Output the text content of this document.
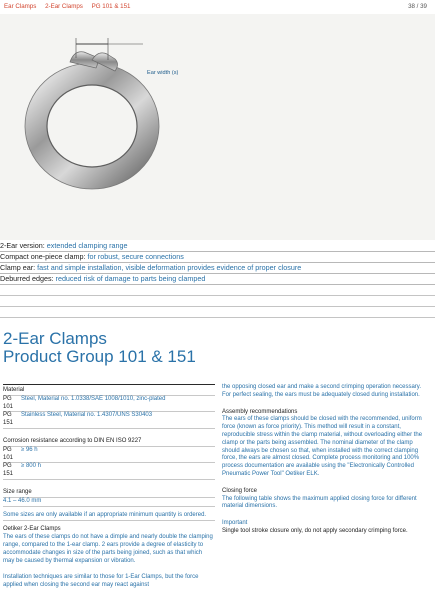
Ear Clamps 2-Ear Clamps PG 101 & 151	38 / 39
Ear width (s)
2-Ear version: extended clamping range
Compact one-piece clamp: for robust, secure connections
Clamp ear: fast and simple installation, visible deformation provides evidence of proper closure
Deburred edges: reduced risk of damage to parts being clamped
2-Ear Clamps
Product Group 101 & 151
Material
PG 101
Steel, Material no. 1.0338/SAE 1008/1010, zinc-plated
PG 151
Stainless Steel, Material no. 1.4307/UNS S30403
Corrosion resistance according to DIN EN ISO 9227
PG 101
≥ 96 h
PG 151
≥ 800 h
Size range
4.1 – 46.0 mm

Some sizes are only available if an appropriate minimum quantity is ordered.

Oetiker 2-Ear Clamps

The ears of these clamps do not have a dimple and nearly double the clamping range, compared to the 1-ear clamp. 2 ears provide a degree of elasticity to accommodate changes in size of the parts being joined, such as that which may be caused by thermal expansion or vibration.

Installation techniques are similar to those for 1-Ear Clamps, but the force applied when closing the second ear may react against

the opposing closed ear and make a second crimping operation necessary. For perfect sealing, the ears must be adequately closed during installation.

Assembly recommendations

The ears of these clamps should be closed with the recommended, uniform force (known as force priority). This method will result in a constant, reproducible stress within the clamp material, without overloading either the clamp or the parts being assembled. The nominal diameter of the clamp should always be chosen so that, when installed with the correct clamping force, the ears are almost closed. Complete process monitoring and 100% process documentation are available using the "Electronically Controlled Pneumatic Power Tool" Oetiker ELK.

Closing force

The following table shows the maximum applied closing force for different material dimensions.

Important

Single tool stroke closure only, do not apply secondary crimping force.
